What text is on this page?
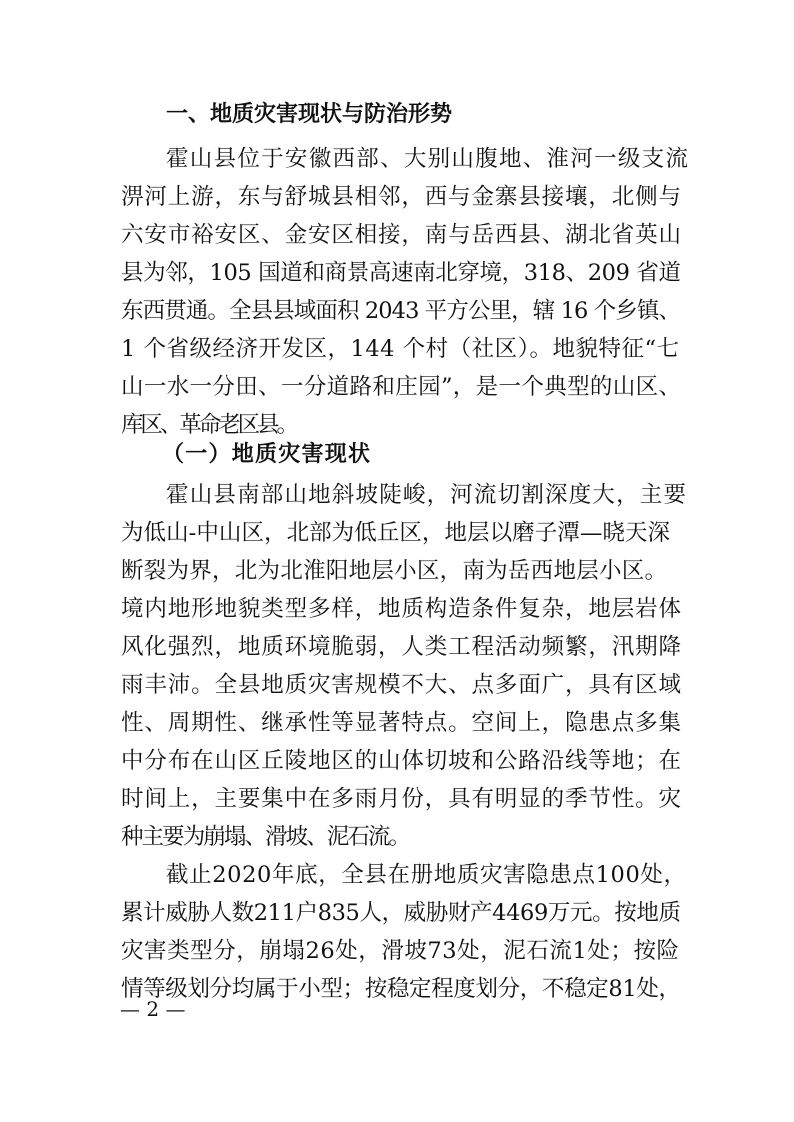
一、地质灾害现状与防治形势
霍山县位于安徽西部、大别山腹地、淮河一级支流
淠河上游，东与舒城县相邻，西与金寨县接壤，北侧与
六安市裕安区、金安区相接，南与岳西县、湖北省英山
县为邻，105 国道和商景高速南北穿境，318、209 省道
东西贯通。全县县域面积 2043 平方公里，辖 16 个乡镇、
1 个省级经济开发区，144 个村（社区）。地貌特征“七
山一水一分田、一分道路和庄园”，是一个典型的山区、
库区、革命老区县。
（一）地质灾害现状
霍山县南部山地斜坡陡峻，河流切割深度大，主要
为低山-中山区，北部为低丘区，地层以磨子潭—晓天深
断裂为界，北为北淮阳地层小区，南为岳西地层小区。
境内地形地貌类型多样，地质构造条件复杂，地层岩体
风化强烈，地质环境脆弱，人类工程活动频繁，汛期降
雨丰沛。全县地质灾害规模不大、点多面广，具有区域
性、周期性、继承性等显著特点。空间上，隐患点多集
中分布在山区丘陵地区的山体切坡和公路沿线等地；在
时间上，主要集中在多雨月份，具有明显的季节性。灾
种主要为崩塌、滑坡、泥石流。
截止2020年底，全县在册地质灾害隐患点100处，
累计威胁人数211户835人，威胁财产4469万元。按地质
灾害类型分，崩塌26处，滑坡73处，泥石流1处；按险
情等级划分均属于小型；按稳定程度划分，不稳定81处，
— 2 —
